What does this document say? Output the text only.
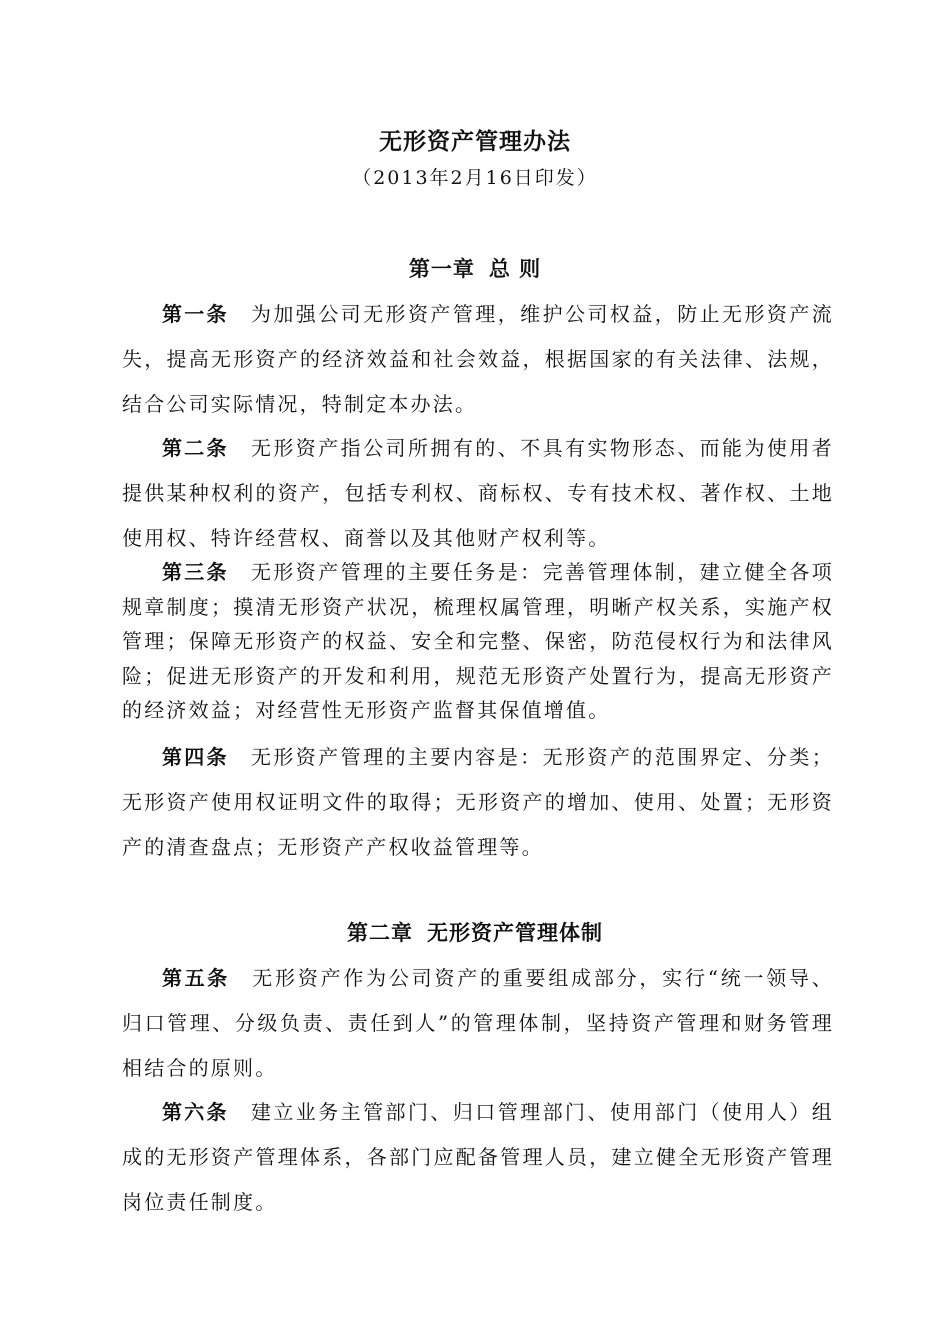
无形资产管理办法
（2013年2月16日印发）
第一章 总 则

第一条 为加强公司无形资产管理，维护公司权益，防止无形资产流失，提高无形资产的经济效益和社会效益，根据国家的有关法律、法规，结合公司实际情况，特制定本办法。

第二条 无形资产指公司所拥有的、不具有实物形态、而能为使用者提供某种权利的资产，包括专利权、商标权、专有技术权、著作权、土地使用权、特许经营权、商誉以及其他财产权利等。

第三条 无形资产管理的主要任务是：完善管理体制，建立健全各项规章制度；摸清无形资产状况，梳理权属管理，明晰产权关系，实施产权管理；保障无形资产的权益、安全和完整、保密，防范侵权行为和法律风险；促进无形资产的开发和利用，规范无形资产处置行为，提高无形资产的经济效益；对经营性无形资产监督其保值增值。

第四条 无形资产管理的主要内容是：无形资产的范围界定、分类；无形资产使用权证明文件的取得；无形资产的增加、使用、处置；无形资产的清查盘点；无形资产产权收益管理等。

第二章 无形资产管理体制

第五条 无形资产作为公司资产的重要组成部分，实行“统一领导、归口管理、分级负责、责任到人”的管理体制，坚持资产管理和财务管理相结合的原则。

第六条 建立业务主管部门、归口管理部门、使用部门（使用人）组成的无形资产管理体系，各部门应配备管理人员，建立健全无形资产管理岗位责任制度。
